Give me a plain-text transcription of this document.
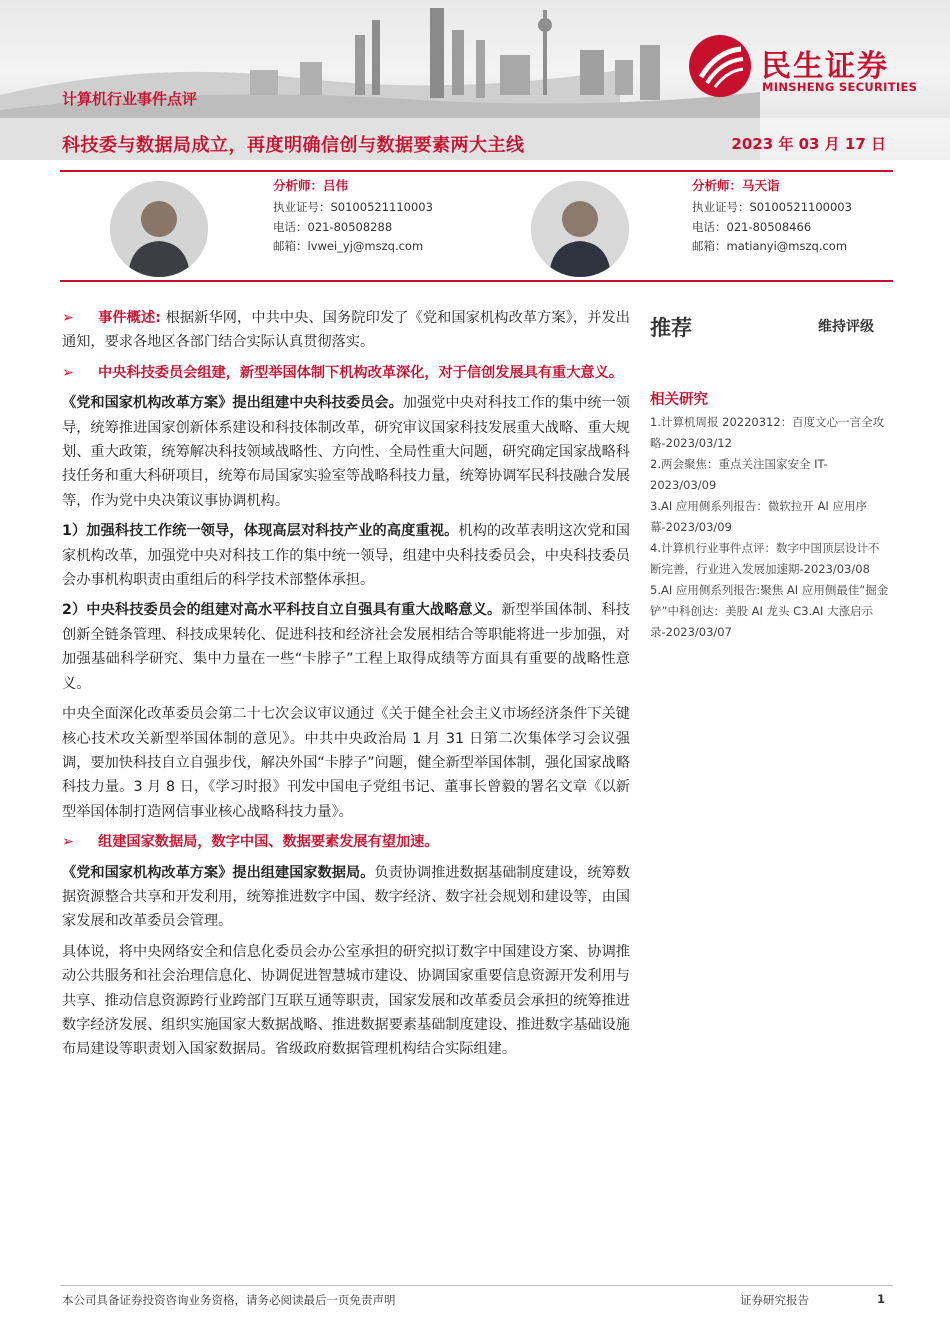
计算机行业事件点评
科技委与数据局成立，再度明确信创与数据要素两大主线	2023 年 03 月 17 日
民生证券
MINSHENG SECURITIES
分析师：吕伟
执业证号：S0100521110003
电话：021-80508288
邮箱：lvwei_yj@mszq.com
分析师：马天诣
执业证号：S0100521100003
电话：021-80508466
邮箱：matianyi@mszq.com

➢ 事件概述: 根据新华网，中共中央、国务院印发了《党和国家机构改革方案》，并发出通知，要求各地区各部门结合实际认真贯彻落实。

➢ 中央科技委员会组建，新型举国体制下机构改革深化，对于信创发展具有重大意义。

《党和国家机构改革方案》提出组建中央科技委员会。加强党中央对科技工作的集中统一领导，统筹推进国家创新体系建设和科技体制改革，研究审议国家科技发展重大战略、重大规划、重大政策，统筹解决科技领域战略性、方向性、全局性重大问题，研究确定国家战略科技任务和重大科研项目，统筹布局国家实验室等战略科技力量，统筹协调军民科技融合发展等，作为党中央决策议事协调机构。

1）加强科技工作统一领导，体现高层对科技产业的高度重视。机构的改革表明这次党和国家机构改革，加强党中央对科技工作的集中统一领导，组建中央科技委员会，中央科技委员会办事机构职责由重组后的科学技术部整体承担。

2）中央科技委员会的组建对高水平科技自立自强具有重大战略意义。新型举国体制、科技创新全链条管理、科技成果转化、促进科技和经济社会发展相结合等职能将进一步加强，对加强基础科学研究、集中力量在一些“卡脖子”工程上取得成绩等方面具有重要的战略性意义。

中央全面深化改革委员会第二十七次会议审议通过《关于健全社会主义市场经济条件下关键核心技术攻关新型举国体制的意见》。中共中央政治局 1 月 31 日第二次集体学习会议强调，要加快科技自立自强步伐，解决外国“卡脖子”问题，健全新型举国体制，强化国家战略科技力量。3 月 8 日，《学习时报》刊发中国电子党组书记、董事长曾毅的署名文章《以新型举国体制打造网信事业核心战略科技力量》。

➢ 组建国家数据局，数字中国、数据要素发展有望加速。

《党和国家机构改革方案》提出组建国家数据局。负责协调推进数据基础制度建设，统筹数据资源整合共享和开发利用，统筹推进数字中国、数字经济、数字社会规划和建设等，由国家发展和改革委员会管理。

具体说，将中央网络安全和信息化委员会办公室承担的研究拟订数字中国建设方案、协调推动公共服务和社会治理信息化、协调促进智慧城市建设、协调国家重要信息资源开发利用与共享、推动信息资源跨行业跨部门互联互通等职责，国家发展和改革委员会承担的统筹推进数字经济发展、组织实施国家大数据战略、推进数据要素基础制度建设、推进数字基础设施布局建设等职责划入国家数据局。省级政府数据管理机构结合实际组建。

推荐	维持评级
相关研究
1.计算机周报 20220312：百度文心一言全攻略-2023/03/12
2.两会聚焦：重点关注国家安全 IT-2023/03/09
3.AI 应用侧系列报告：微软拉开 AI 应用序幕-2023/03/09
4.计算机行业事件点评：数字中国顶层设计不断完善，行业进入发展加速期-2023/03/08
5.AI 应用侧系列报告:聚焦 AI 应用侧最佳“掘金铲”中科创达：美股 AI 龙头 C3.AI 大涨启示录-2023/03/07
本公司具备证券投资咨询业务资格，请务必阅读最后一页免责声明	证券研究报告	1
